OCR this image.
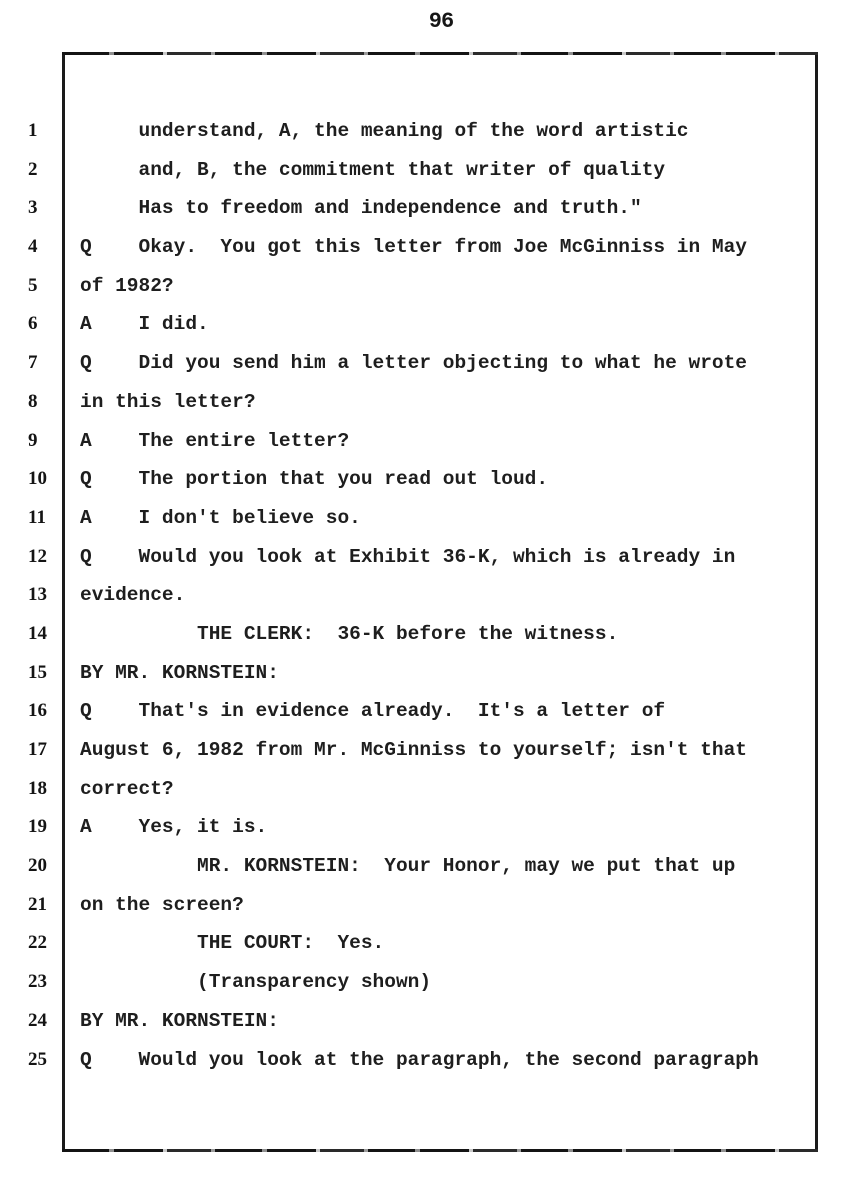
96
1 understand, A, the meaning of the word artistic
2 and, B, the commitment that writer of quality
3 Has to freedom and independence and truth."
4 Q    Okay.  You got this letter from Joe McGinniss in May
5 of 1982?
6 A    I did.
7 Q    Did you send him a letter objecting to what he wrote
8 in this letter?
9 A    The entire letter?
10 Q    The portion that you read out loud.
11 A    I don't believe so.
12 Q    Would you look at Exhibit 36-K, which is already in
13 evidence.
14 THE CLERK:  36-K before the witness.
15 BY MR. KORNSTEIN:
16 Q    That's in evidence already.  It's a letter of
17 August 6, 1982 from Mr. McGinniss to yourself; isn't that
18 correct?
19 A    Yes, it is.
20 MR. KORNSTEIN:  Your Honor, may we put that up
21 on the screen?
22 THE COURT:  Yes.
23 (Transparency shown)
24 BY MR. KORNSTEIN:
25 Q    Would you look at the paragraph, the second paragraph
